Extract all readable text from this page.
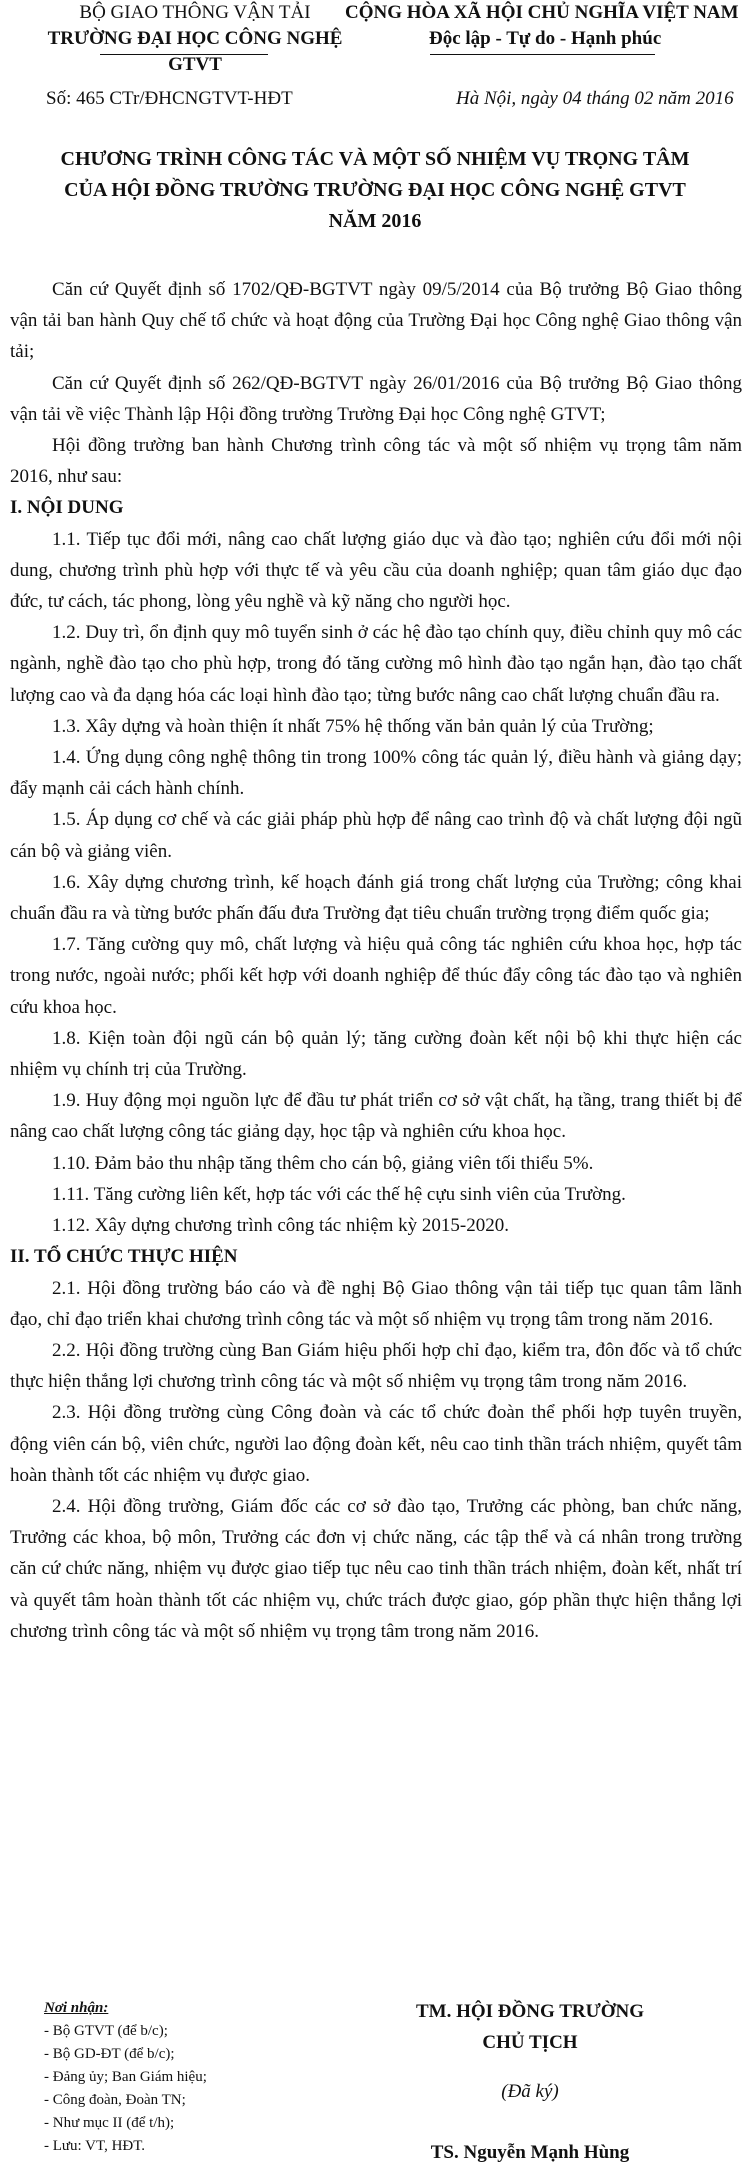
BỘ GIAO THÔNG VẬN TẢI
TRƯỜNG ĐẠI HỌC CÔNG NGHỆ GTVT
CỘNG HÒA XÃ HỘI CHỦ NGHĨA VIỆT NAM
Độc lập - Tự do - Hạnh phúc
Số: 465 CTr/ĐHCNGTVT-HĐT	Hà Nội, ngày 04 tháng 02 năm 2016
CHƯƠNG TRÌNH CÔNG TÁC VÀ MỘT SỐ NHIỆM VỤ TRỌNG TÂM
CỦA HỘI ĐỒNG TRƯỜNG TRƯỜNG ĐẠI HỌC CÔNG NGHỆ GTVT
NĂM 2016

Căn cứ Quyết định số 1702/QĐ-BGTVT ngày 09/5/2014 của Bộ trưởng Bộ Giao thông vận tải ban hành Quy chế tổ chức và hoạt động của Trường Đại học Công nghệ Giao thông vận tải;

Căn cứ Quyết định số 262/QĐ-BGTVT ngày 26/01/2016 của Bộ trưởng Bộ Giao thông vận tải về việc Thành lập Hội đồng trường Trường Đại học Công nghệ GTVT;

Hội đồng trường ban hành Chương trình công tác và một số nhiệm vụ trọng tâm năm 2016, như sau:

I. NỘI DUNG

1.1. Tiếp tục đổi mới, nâng cao chất lượng giáo dục và đào tạo; nghiên cứu đổi mới nội dung, chương trình phù hợp với thực tế và yêu cầu của doanh nghiệp; quan tâm giáo dục đạo đức, tư cách, tác phong, lòng yêu nghề và kỹ năng cho người học.

1.2. Duy trì, ổn định quy mô tuyển sinh ở các hệ đào tạo chính quy, điều chỉnh quy mô các ngành, nghề đào tạo cho phù hợp, trong đó tăng cường mô hình đào tạo ngắn hạn, đào tạo chất lượng cao và đa dạng hóa các loại hình đào tạo; từng bước nâng cao chất lượng chuẩn đầu ra.

1.3. Xây dựng và hoàn thiện ít nhất 75% hệ thống văn bản quản lý của Trường;

1.4. Ứng dụng công nghệ thông tin trong 100% công tác quản lý, điều hành và giảng dạy; đẩy mạnh cải cách hành chính.

1.5. Áp dụng cơ chế và các giải pháp phù hợp để nâng cao trình độ và chất lượng đội ngũ cán bộ và giảng viên.

1.6. Xây dựng chương trình, kế hoạch đánh giá trong chất lượng của Trường; công khai chuẩn đầu ra và từng bước phấn đấu đưa Trường đạt tiêu chuẩn trường trọng điểm quốc gia;

1.7. Tăng cường quy mô, chất lượng và hiệu quả công tác nghiên cứu khoa học, hợp tác trong nước, ngoài nước; phối kết hợp với doanh nghiệp để thúc đẩy công tác đào tạo và nghiên cứu khoa học.

1.8. Kiện toàn đội ngũ cán bộ quản lý; tăng cường đoàn kết nội bộ khi thực hiện các nhiệm vụ chính trị của Trường.

1.9. Huy động mọi nguồn lực để đầu tư phát triển cơ sở vật chất, hạ tầng, trang thiết bị để nâng cao chất lượng công tác giảng dạy, học tập và nghiên cứu khoa học.

1.10. Đảm bảo thu nhập tăng thêm cho cán bộ, giảng viên tối thiểu 5%.

1.11. Tăng cường liên kết, hợp tác với các thế hệ cựu sinh viên của Trường.

1.12. Xây dựng chương trình công tác nhiệm kỳ 2015-2020.

II. TỔ CHỨC THỰC HIỆN

2.1. Hội đồng trường báo cáo và đề nghị Bộ Giao thông vận tải tiếp tục quan tâm lãnh đạo, chỉ đạo triển khai chương trình công tác và một số nhiệm vụ trọng tâm trong năm 2016.

2.2. Hội đồng trường cùng Ban Giám hiệu phối hợp chỉ đạo, kiểm tra, đôn đốc và tổ chức thực hiện thắng lợi chương trình công tác và một số nhiệm vụ trọng tâm trong năm 2016.

2.3. Hội đồng trường cùng Công đoàn và các tổ chức đoàn thể phối hợp tuyên truyền, động viên cán bộ, viên chức, người lao động đoàn kết, nêu cao tinh thần trách nhiệm, quyết tâm hoàn thành tốt các nhiệm vụ được giao.

2.4. Hội đồng trường, Giám đốc các cơ sở đào tạo, Trưởng các phòng, ban chức năng, Trưởng các khoa, bộ môn, Trưởng các đơn vị chức năng, các tập thể và cá nhân trong trường căn cứ chức năng, nhiệm vụ được giao tiếp tục nêu cao tinh thần trách nhiệm, đoàn kết, nhất trí và quyết tâm hoàn thành tốt các nhiệm vụ, chức trách được giao, góp phần thực hiện thắng lợi chương trình công tác và một số nhiệm vụ trọng tâm trong năm 2016.

Nơi nhận:
- Bộ GTVT (để b/c);
- Bộ GD-ĐT (để b/c);
- Đảng ủy; Ban Giám hiệu;
- Công đoàn, Đoàn TN;
- Như mục II (để t/h);
- Lưu: VT, HĐT.
TM. HỘI ĐỒNG TRƯỜNG
CHỦ TỊCH
(Đã ký)
TS. Nguyễn Mạnh Hùng
